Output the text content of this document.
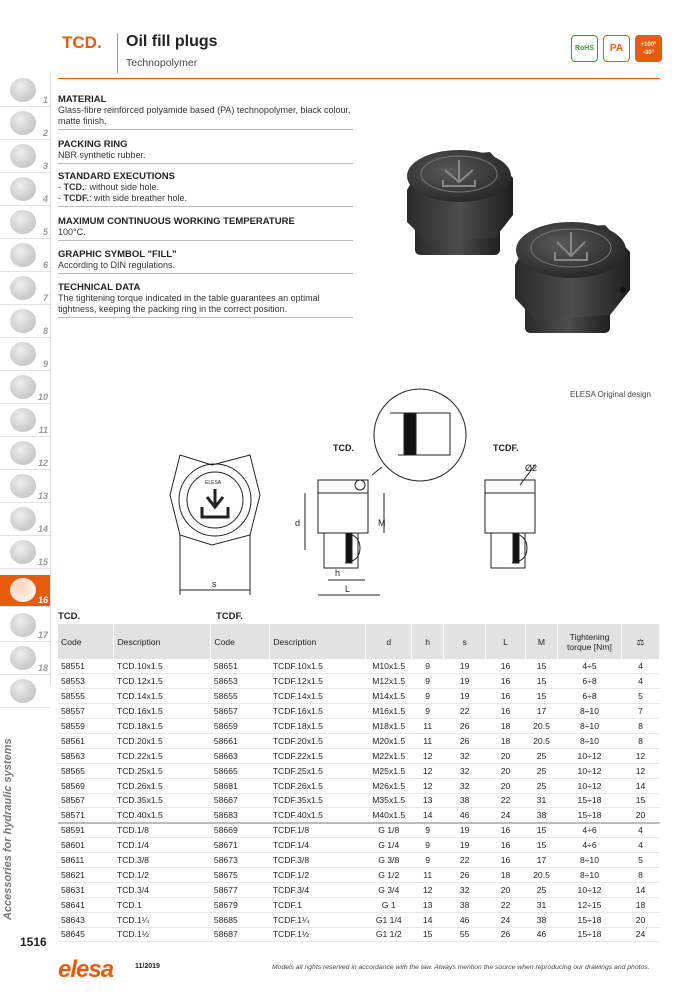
TCD. Oil fill plugs
Technopolymer
RoHS	PA	+100°
-30°
1
2
3
4
5
6
7
8
9
10
11
12
13
14
15
16
17
18
Accessories for hydraulic systems
1516
MATERIAL

Glass-fibre reinforced polyamide based (PA) technopolymer, black colour, matte finish.

PACKING RING

NBR synthetic rubber.

STANDARD EXECUTIONS

- TCD.: without side hole.

- TCDF.: with side breather hole.

MAXIMUM CONTINUOUS WORKING TEMPERATURE

100°C.

GRAPHIC SYMBOL "FILL"

According to DIN regulations.

TECHNICAL DATA

The tightening torque indicated in the table guarantees an optimal tightness, keeping the packing ring in the correct position.

ELESA Original design
TCD.	TCDF.
Ø2
d	M
h
L
s
ELESA
TCD.	TCDF.
Code	Description	Code	Description	d	h	s	L	M	Tightening torque [Nm]	⚖
58551	TCD.10x1.5	58651	TCDF.10x1.5	M10x1.5	9	19	16	15	4÷5	4
58553	TCD.12x1.5	58653	TCDF.12x1.5	M12x1.5	9	19	16	15	6÷8	4
58555	TCD.14x1.5	58655	TCDF.14x1.5	M14x1.5	9	19	16	15	6÷8	5
58557	TCD.16x1.5	58657	TCDF.16x1.5	M16x1.5	9	22	16	17	8÷10	7
58559	TCD.18x1.5	58659	TCDF.18x1.5	M18x1.5	11	26	18	20.5	8÷10	8
58561	TCD.20x1.5	58661	TCDF.20x1.5	M20x1.5	11	26	18	20.5	8÷10	8
58563	TCD.22x1.5	58663	TCDF.22x1.5	M22x1.5	12	32	20	25	10÷12	12
58565	TCD.25x1.5	58665	TCDF.25x1.5	M25x1.5	12	32	20	25	10÷12	12
58569	TCD.26x1.5	58681	TCDF.26x1.5	M26x1.5	12	32	20	25	10÷12	14
58567	TCD.35x1.5	58667	TCDF.35x1.5	M35x1.5	13	38	22	31	15÷18	15
58571	TCD.40x1.5	58683	TCDF.40x1.5	M40x1.5	14	46	24	38	15÷18	20
58591	TCD.1/8	58669	TCDF.1/8	G 1/8	9	19	16	15	4÷6	4
58601	TCD.1/4	58671	TCDF.1/4	G 1/4	9	19	16	15	4÷6	4
58611	TCD.3/8	58673	TCDF.3/8	G 3/8	9	22	16	17	8÷10	5
58621	TCD.1/2	58675	TCDF.1/2	G 1/2	11	26	18	20.5	8÷10	8
58631	TCD.3/4	58677	TCDF.3/4	G 3/4	12	32	20	25	10÷12	14
58641	TCD.1	58679	TCDF.1	G 1	13	38	22	31	12÷15	18
58643	TCD.1¼	58685	TCDF.1¼	G1 1/4	14	46	24	38	15÷18	20
58645	TCD.1½	58687	TCDF.1½	G1 1/2	15	55	26	46	15÷18	24
elesa	11/2019	Models all rights reserved in accordance with the law. Always mention the source when reproducing our drawings and photos.
